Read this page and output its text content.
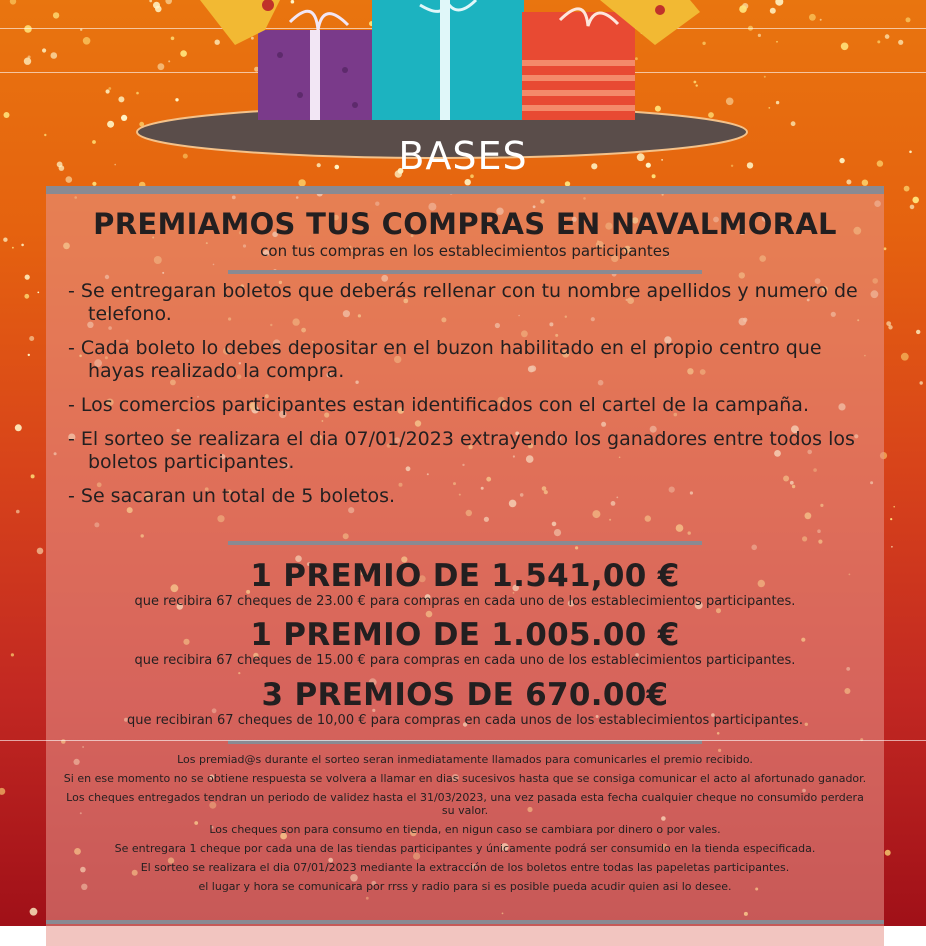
BASES
PREMIAMOS TUS COMPRAS EN NAVALMORAL
con tus compras en los establecimientos participantes
- Se entregaran boletos que deberás rellenar con tu nombre apellidos y numero de telefono.
- Cada boleto lo debes depositar en el buzon habilitado en el propio centro que hayas realizado la compra.
- Los comercios participantes estan identificados con el cartel de la campaña.
- El sorteo se realizara el dia 07/01/2023 extrayendo los ganadores entre todos los boletos participantes.
- Se sacaran un total de 5 boletos.
1 PREMIO DE 1.541,00 €
que recibira 67 cheques de 23.00 € para compras en cada uno de los establecimientos participantes.
1 PREMIO DE 1.005.00 €
que recibira 67 cheques de 15.00 € para compras en cada uno de los establecimientos participantes.
3 PREMIOS DE 670.00€
que recibiran 67 cheques de 10,00 € para compras en cada unos de los establecimientos participantes.

Los premiad@s durante el sorteo seran inmediatamente llamados para comunicarles el premio recibido.

Si en ese momento no se obtiene respuesta se volvera a llamar en dias sucesivos hasta que se consiga comunicar el acto al afortunado ganador.

Los cheques entregados tendran un periodo de validez hasta el 31/03/2023, una vez pasada esta fecha cualquier cheque no consumido perdera su valor.

Los cheques son para consumo en tienda, en nigun caso se cambiara por dinero o por vales.

Se entregara 1 cheque por cada una de las tiendas participantes y únicamente podrá ser consumido en la tienda especificada.

El sorteo se realizara el dia 07/01/2023 mediante la extracción de los boletos entre todas las papeletas participantes.

el lugar y hora se comunicara por rrss y radio para si es posible pueda acudir quien asi lo desee.
